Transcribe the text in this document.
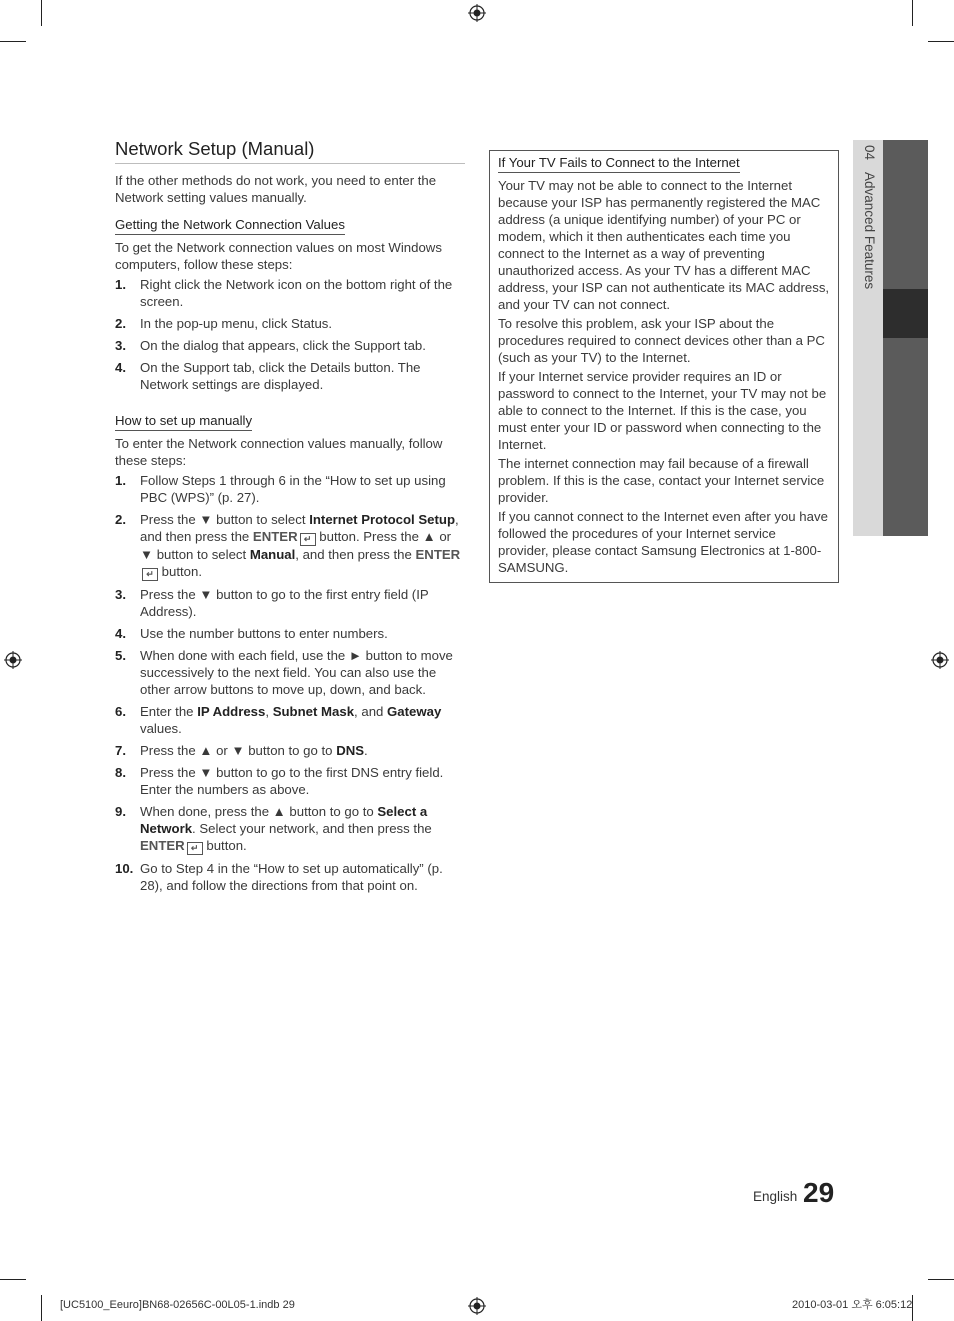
04Advanced Features
Network Setup (Manual)

If the other methods do not work, you need to enter the Network setting values manually.

Getting the Network Connection Values

To get the Network connection values on most Windows computers, follow these steps:

1. Right click the Network icon on the bottom right of the screen.
2. In the pop-up menu, click Status.
3. On the dialog that appears, click the Support tab.
4. On the Support tab, click the Details button. The Network settings are displayed.
How to set up manually

To enter the Network connection values manually, follow these steps:

1. Follow Steps 1 through 6 in the “How to set up using PBC (WPS)” (p. 27).
2. Press the ▼ button to select Internet Protocol Setup, and then press the ENTER ↵ button. Press the ▲ or ▼ button to select Manual, and then press the ENTER↵ button.
3. Press the ▼ button to go to the first entry field (IP Address).
4. Use the number buttons to enter numbers.
5. When done with each field, use the ► button to move successively to the next field. You can also use the other arrow buttons to move up, down, and back.
6. Enter the IP Address, Subnet Mask, and Gateway values.
7. Press the ▲ or ▼ button to go to DNS.
8. Press the ▼ button to go to the first DNS entry field. Enter the numbers as above.
9. When done, press the ▲ button to go to Select a Network. Select your network, and then press the ENTER ↵ button.
10. Go to Step 4 in the “How to set up automatically” (p. 28), and follow the directions from that point on.
If Your TV Fails to Connect to the Internet

Your TV may not be able to connect to the Internet because your ISP has permanently registered the MAC address (a unique identifying number) of your PC or modem, which it then authenticates each time you connect to the Internet as a way of preventing unauthorized access. As your TV has a different MAC address, your ISP can not authenticate its MAC address, and your TV can not connect.

To resolve this problem, ask your ISP about the procedures required to connect devices other than a PC (such as your TV) to the Internet.

If your Internet service provider requires an ID or password to connect to the Internet, your TV may not be able to connect to the Internet. If this is the case, you must enter your ID or password when connecting to the Internet.

The internet connection may fail because of a firewall problem. If this is the case, contact your Internet service provider.

If you cannot connect to the Internet even after you have followed the procedures of your Internet service provider, please contact Samsung Electronics at 1-800-SAMSUNG.

English 29
[UC5100_Eeuro]BN68-02656C-00L05-1.indb 29	2010-03-01 오후 6:05:12
